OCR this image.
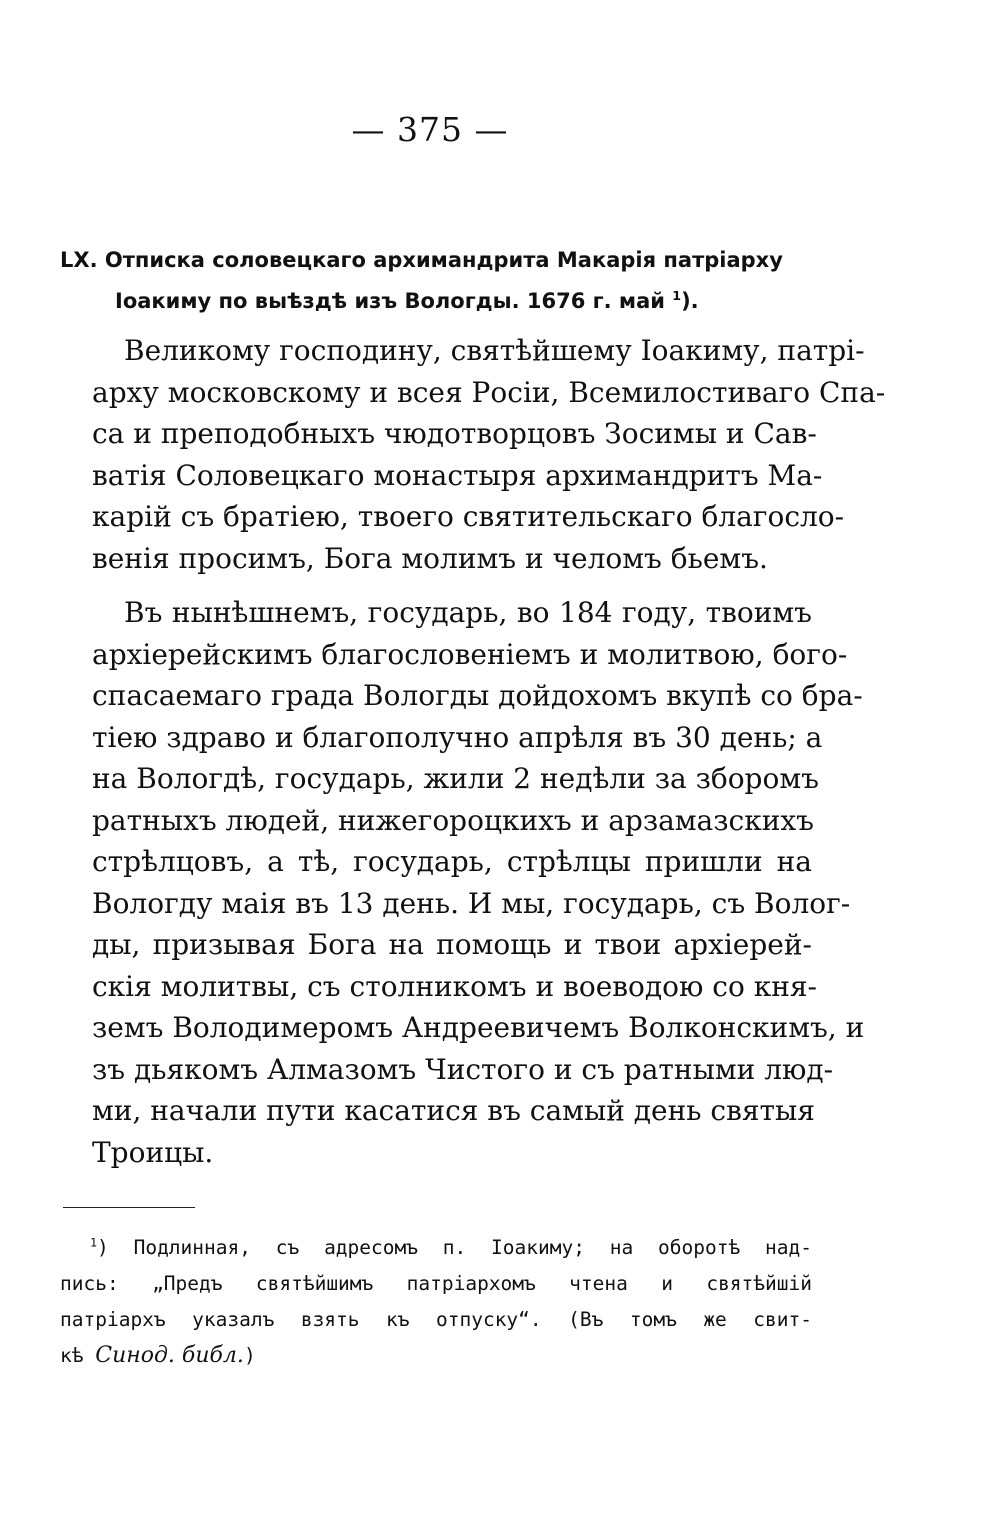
— 375 —
LX. Отписка соловецкаго архимандрита Макарія патріарху
Іоакиму по выѣздѣ изъ Вологды. 1676 г. май $^1$).
Великому господину, святѣйшему Іоакиму, патрі-
арху московскому и всея Росіи, Всемилостиваго Спа-
са и преподобныхъ чюдотворцовъ Зосимы и Сав-
ватія Соловецкаго монастыря архимандритъ Ма-
карій съ братіею, твоего святительскаго благосло-
венія просимъ, Бога молимъ и челомъ бьемъ.
Въ нынѣшнемъ, государь, во 184 году, твоимъ
архіерейскимъ благословеніемъ и молитвою, бого-
спасаемаго града Вологды дойдохомъ вкупѣ со бра-
тіею здраво и благополучно апрѣля въ 30 день; а
на Вологдѣ, государь, жили 2 недѣли за зборомъ
ратныхъ людей, нижегороцкихъ и арзамазскихъ
стрѣлцовъ, а тѣ, государь, стрѣлцы пришли на
Вологду маія въ 13 день. И мы, государь, съ Волог-
ды, призывая Бога на помощь и твои архіерей-
скія молитвы, съ столникомъ и воеводою со кня-
земъ Володимеромъ Андреевичемъ Волконскимъ, и
зъ дьякомъ Алмазомъ Чистого и съ ратными люд-
ми, начали пути касатися въ самый день святыя
Троицы.
$^1$) Подлинная, съ адресомъ п. Іоакиму; на оборотѣ над-
пись: „Предъ святѣйшимъ патріархомъ чтена и святѣйшій
патріархъ указалъ взять къ отпуску“. (Въ томъ же свит-
кѣ Синод. библ.)
